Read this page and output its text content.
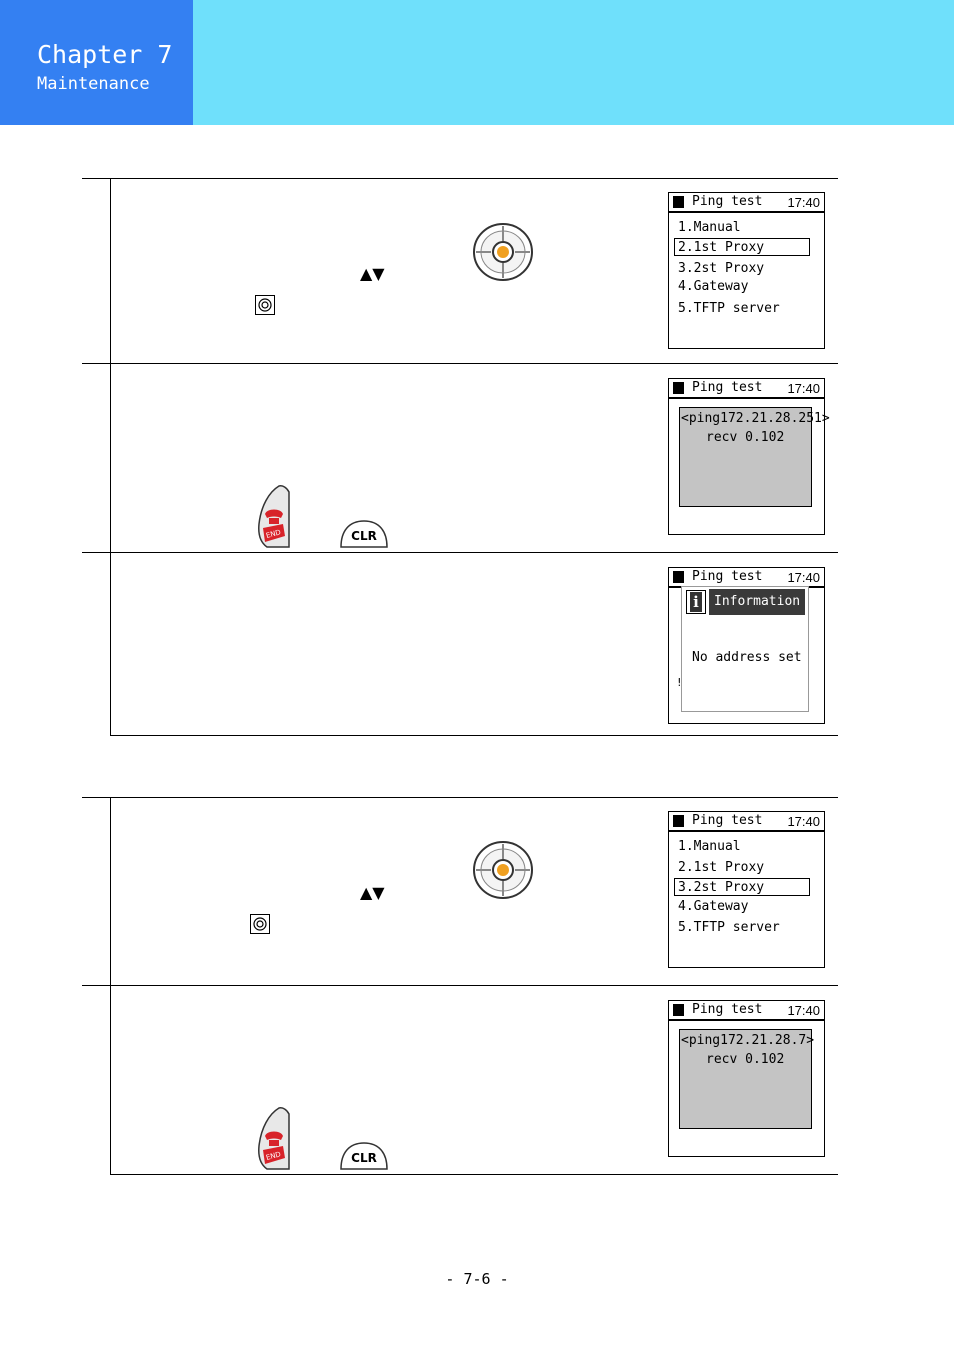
Chapter 7
Maintenance
▲▼
Ping test 17:40
1.Manual
2.1st Proxy
3.2st Proxy
4.Gateway
5.TFTP server
END	CLR
Ping test 17:40
<ping172.21.28.251>
recv 0.102
Ping test 17:40
i	Information
No address set
!
▲▼
Ping test 17:40
1.Manual
2.1st Proxy
3.2st Proxy
4.Gateway
5.TFTP server
END	CLR
Ping test 17:40
<ping172.21.28.7>
recv 0.102
- 7-6 -
